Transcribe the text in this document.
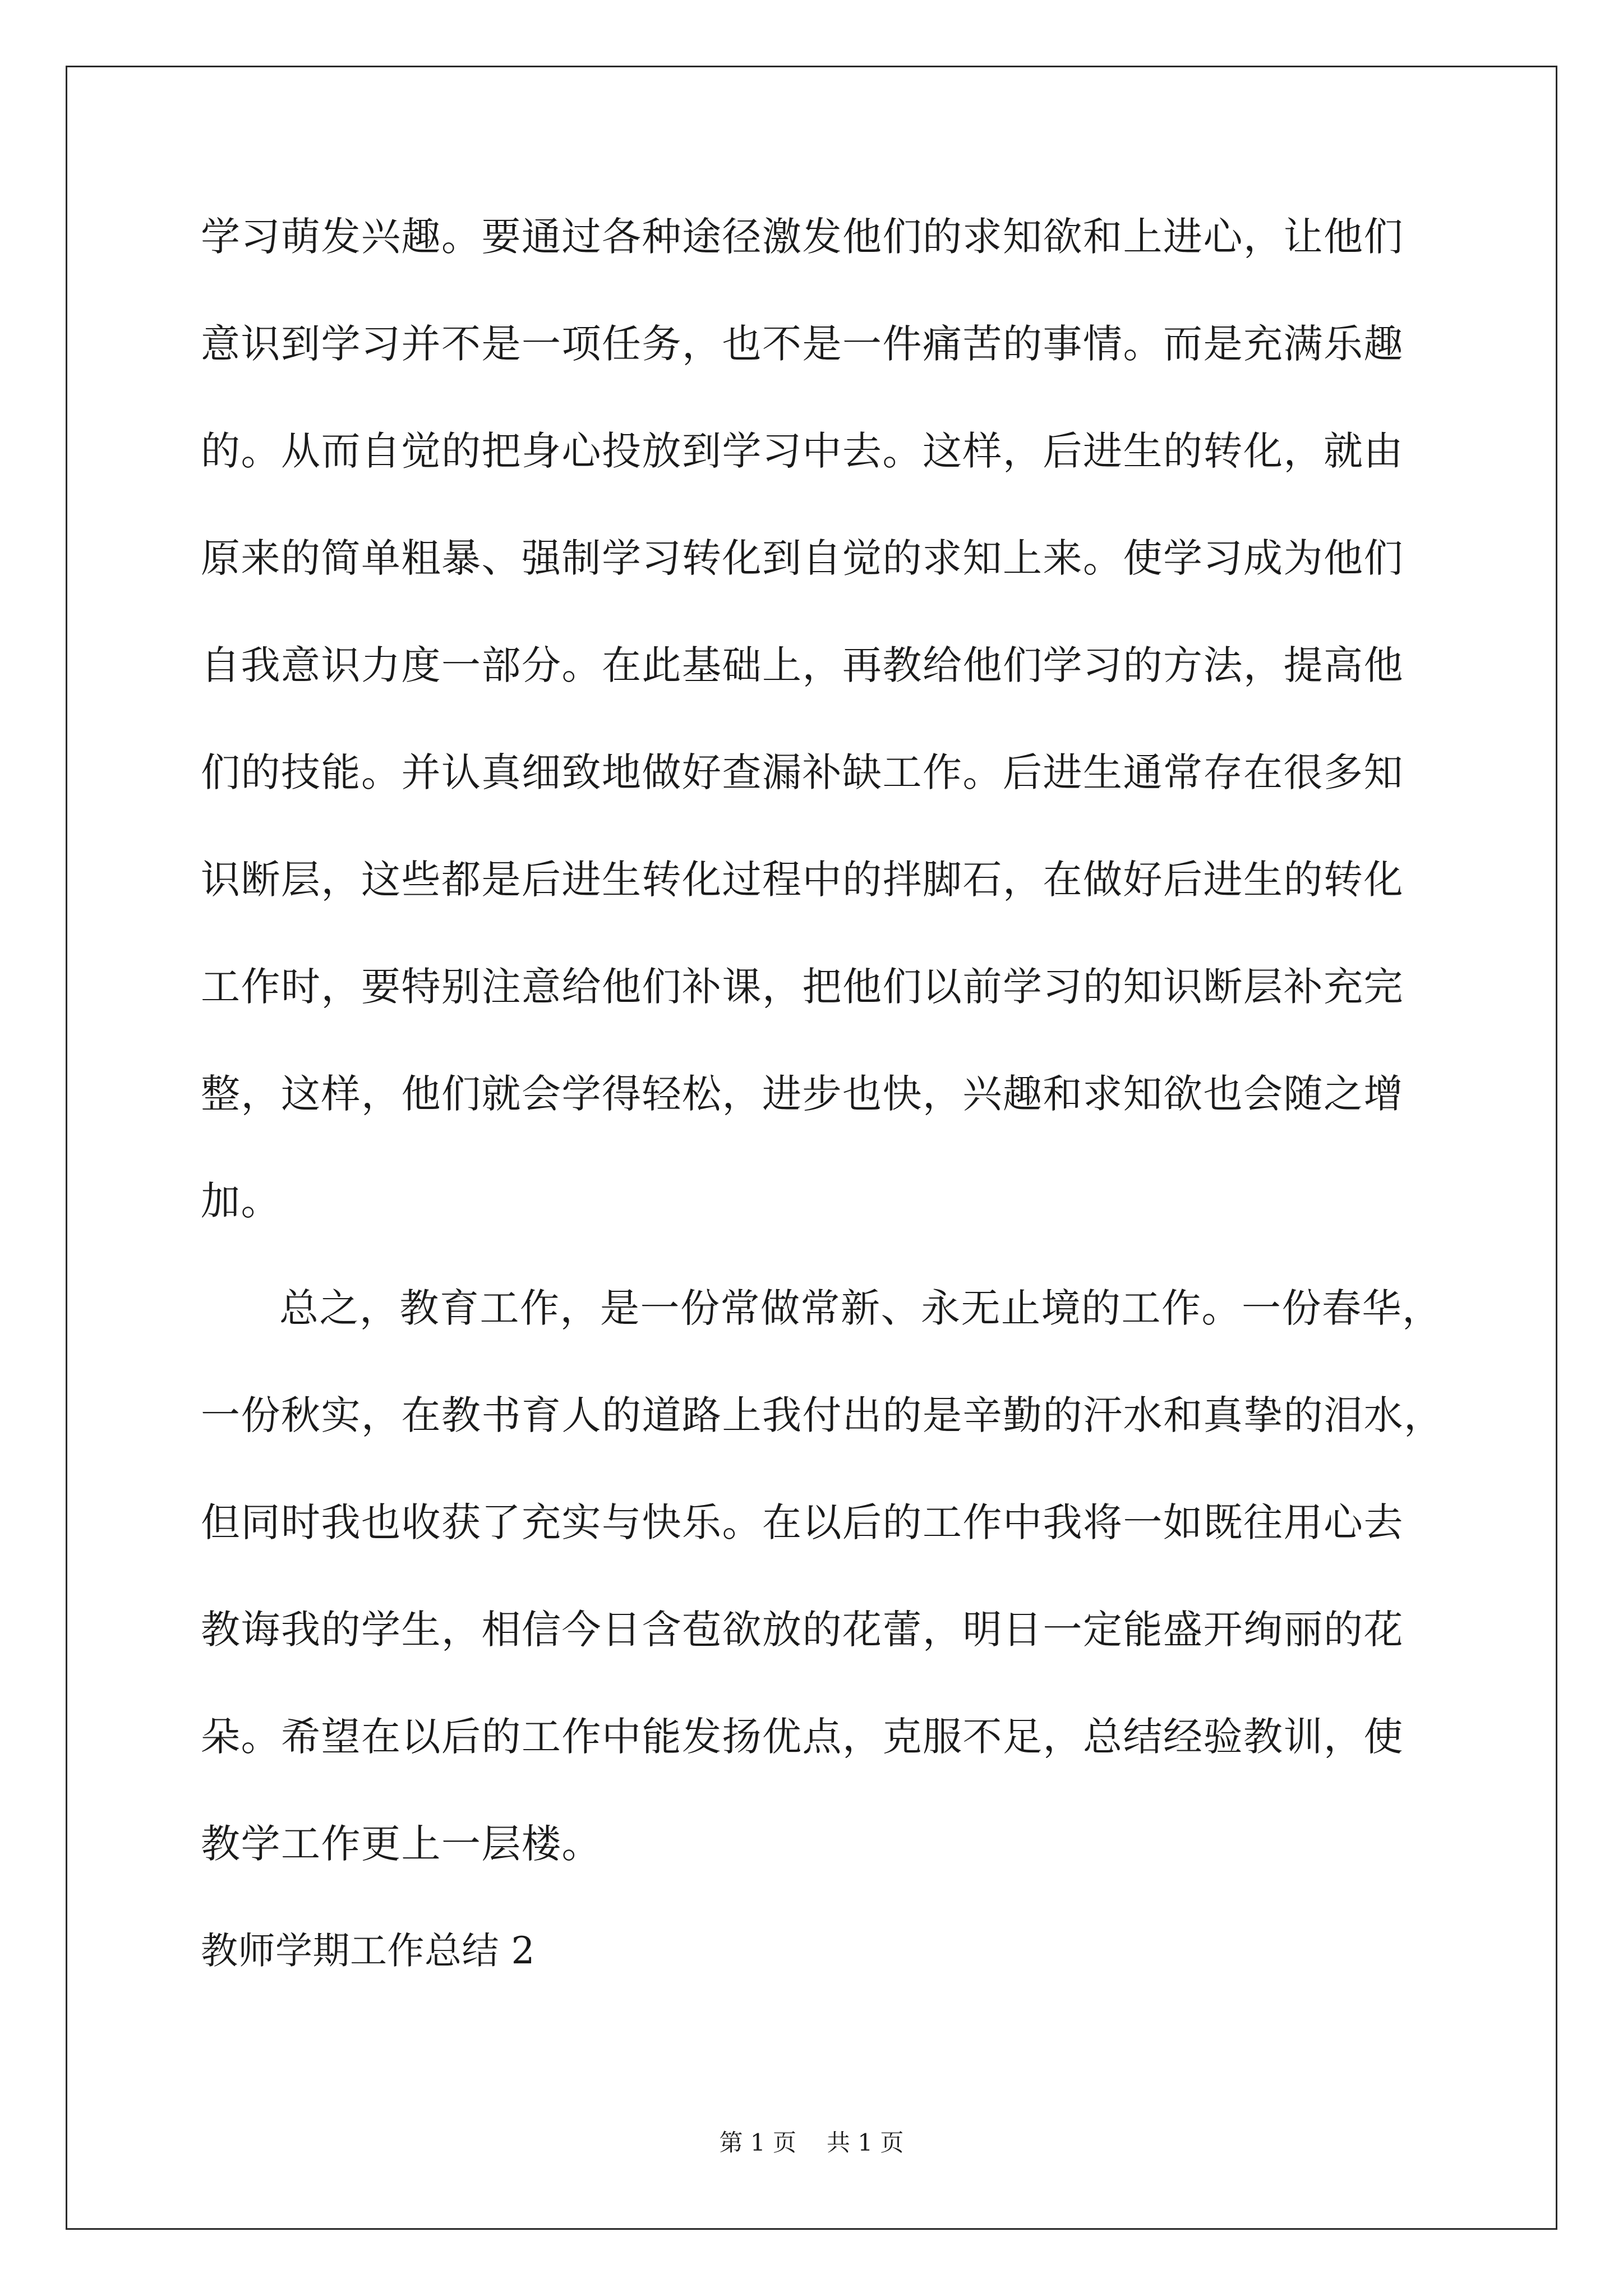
学习萌发兴趣。要通过各种途径激发他们的求知欲和上进心，让他们

意识到学习并不是一项任务，也不是一件痛苦的事情。而是充满乐趣

的。从而自觉的把身心投放到学习中去。这样，后进生的转化，就由

原来的简单粗暴、强制学习转化到自觉的求知上来。使学习成为他们

自我意识力度一部分。在此基础上，再教给他们学习的方法，提高他

们的技能。并认真细致地做好查漏补缺工作。后进生通常存在很多知

识断层，这些都是后进生转化过程中的拌脚石，在做好后进生的转化

工作时，要特别注意给他们补课，把他们以前学习的知识断层补充完

整，这样，他们就会学得轻松，进步也快，兴趣和求知欲也会随之增

加。

总之，教育工作，是一份常做常新、永无止境的工作。一份春华，

一份秋实，在教书育人的道路上我付出的是辛勤的汗水和真挚的泪水，

但同时我也收获了充实与快乐。在以后的工作中我将一如既往用心去

教诲我的学生，相信今日含苞欲放的花蕾，明日一定能盛开绚丽的花

朵。希望在以后的工作中能发扬优点，克服不足，总结经验教训，使

教学工作更上一层楼。

教师学期工作总结 2

第 1 页 共 1 页
